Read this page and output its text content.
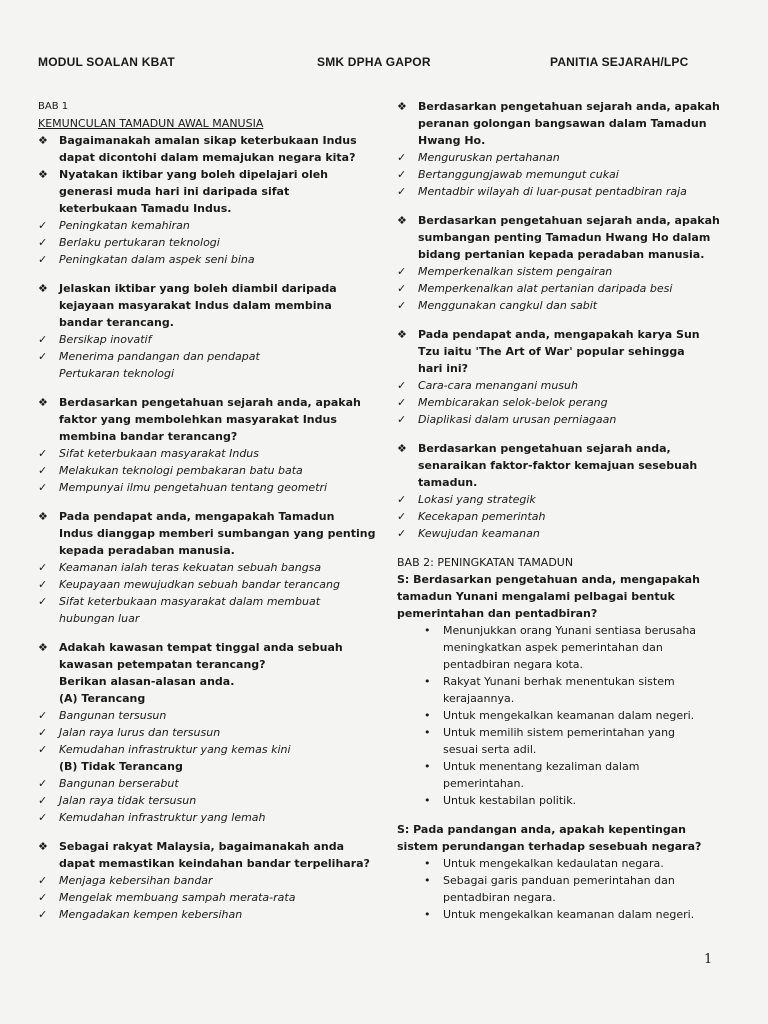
MODUL SOALAN KBAT	SMK DPHA GAPOR	PANITIA SEJARAH/LPC
BAB 1
KEMUNCULAN TAMADUN AWAL MANUSIA
❖ Bagaimanakah amalan sikap keterbukaan Indus
dapat dicontohi dalam memajukan negara kita?
❖ Nyatakan iktibar yang boleh dipelajari oleh
generasi muda hari ini daripada sifat
keterbukaan Tamadu Indus.
✓ Peningkatan kemahiran
✓ Berlaku pertukaran teknologi
✓ Peningkatan dalam aspek seni bina
❖ Jelaskan iktibar yang boleh diambil daripada
kejayaan masyarakat Indus dalam membina
bandar terancang.
✓ Bersikap inovatif
✓ Menerima pandangan dan pendapat
Pertukaran teknologi
❖ Berdasarkan pengetahuan sejarah anda, apakah
faktor yang membolehkan masyarakat Indus
membina bandar terancang?
✓ Sifat keterbukaan masyarakat Indus
✓ Melakukan teknologi pembakaran batu bata
✓ Mempunyai ilmu pengetahuan tentang geometri
❖ Pada pendapat anda, mengapakah Tamadun
Indus dianggap memberi sumbangan yang penting
kepada peradaban manusia.
✓ Keamanan ialah teras kekuatan sebuah bangsa
✓ Keupayaan mewujudkan sebuah bandar terancang
✓ Sifat keterbukaan masyarakat dalam membuat
hubungan luar
❖ Adakah kawasan tempat tinggal anda sebuah
kawasan petempatan terancang?
Berikan alasan-alasan anda.
(A) Terancang
✓ Bangunan tersusun
✓ Jalan raya lurus dan tersusun
✓ Kemudahan infrastruktur yang kemas kini
(B) Tidak Terancang
✓ Bangunan berserabut
✓ Jalan raya tidak tersusun
✓ Kemudahan infrastruktur yang lemah
❖ Sebagai rakyat Malaysia, bagaimanakah anda
dapat memastikan keindahan bandar terpelihara?
✓ Menjaga kebersihan bandar
✓ Mengelak membuang sampah merata-rata
✓ Mengadakan kempen kebersihan
❖ Berdasarkan pengetahuan sejarah anda, apakah
peranan golongan bangsawan dalam Tamadun
Hwang Ho.
✓ Menguruskan pertahanan
✓ Bertanggungjawab memungut cukai
✓ Mentadbir wilayah di luar-pusat pentadbiran raja
❖ Berdasarkan pengetahuan sejarah anda, apakah
sumbangan penting Tamadun Hwang Ho dalam
bidang pertanian kepada peradaban manusia.
✓ Memperkenalkan sistem pengairan
✓ Memperkenalkan alat pertanian daripada besi
✓ Menggunakan cangkul dan sabit
❖ Pada pendapat anda, mengapakah karya Sun
Tzu iaitu 'The Art of War' popular sehingga
hari ini?
✓ Cara-cara menangani musuh
✓ Membicarakan selok-belok perang
✓ Diaplikasi dalam urusan perniagaan
❖ Berdasarkan pengetahuan sejarah anda,
senaraikan faktor-faktor kemajuan sesebuah
tamadun.
✓ Lokasi yang strategik
✓ Kecekapan pemerintah
✓ Kewujudan keamanan
BAB 2: PENINGKATAN TAMADUN
S: Berdasarkan pengetahuan anda, mengapakah
tamadun Yunani mengalami pelbagai bentuk
pemerintahan dan pentadbiran?
• Menunjukkan orang Yunani sentiasa berusaha
meningkatkan aspek pemerintahan dan
pentadbiran negara kota.
• Rakyat Yunani berhak menentukan sistem
kerajaannya.
• Untuk mengekalkan keamanan dalam negeri.
• Untuk memilih sistem pemerintahan yang
sesuai serta adil.
• Untuk menentang kezaliman dalam
pemerintahan.
• Untuk kestabilan politik.
S: Pada pandangan anda, apakah kepentingan
sistem perundangan terhadap sesebuah negara?
• Untuk mengekalkan kedaulatan negara.
• Sebagai garis panduan pemerintahan dan
pentadbiran negara.
• Untuk mengekalkan keamanan dalam negeri.
1
